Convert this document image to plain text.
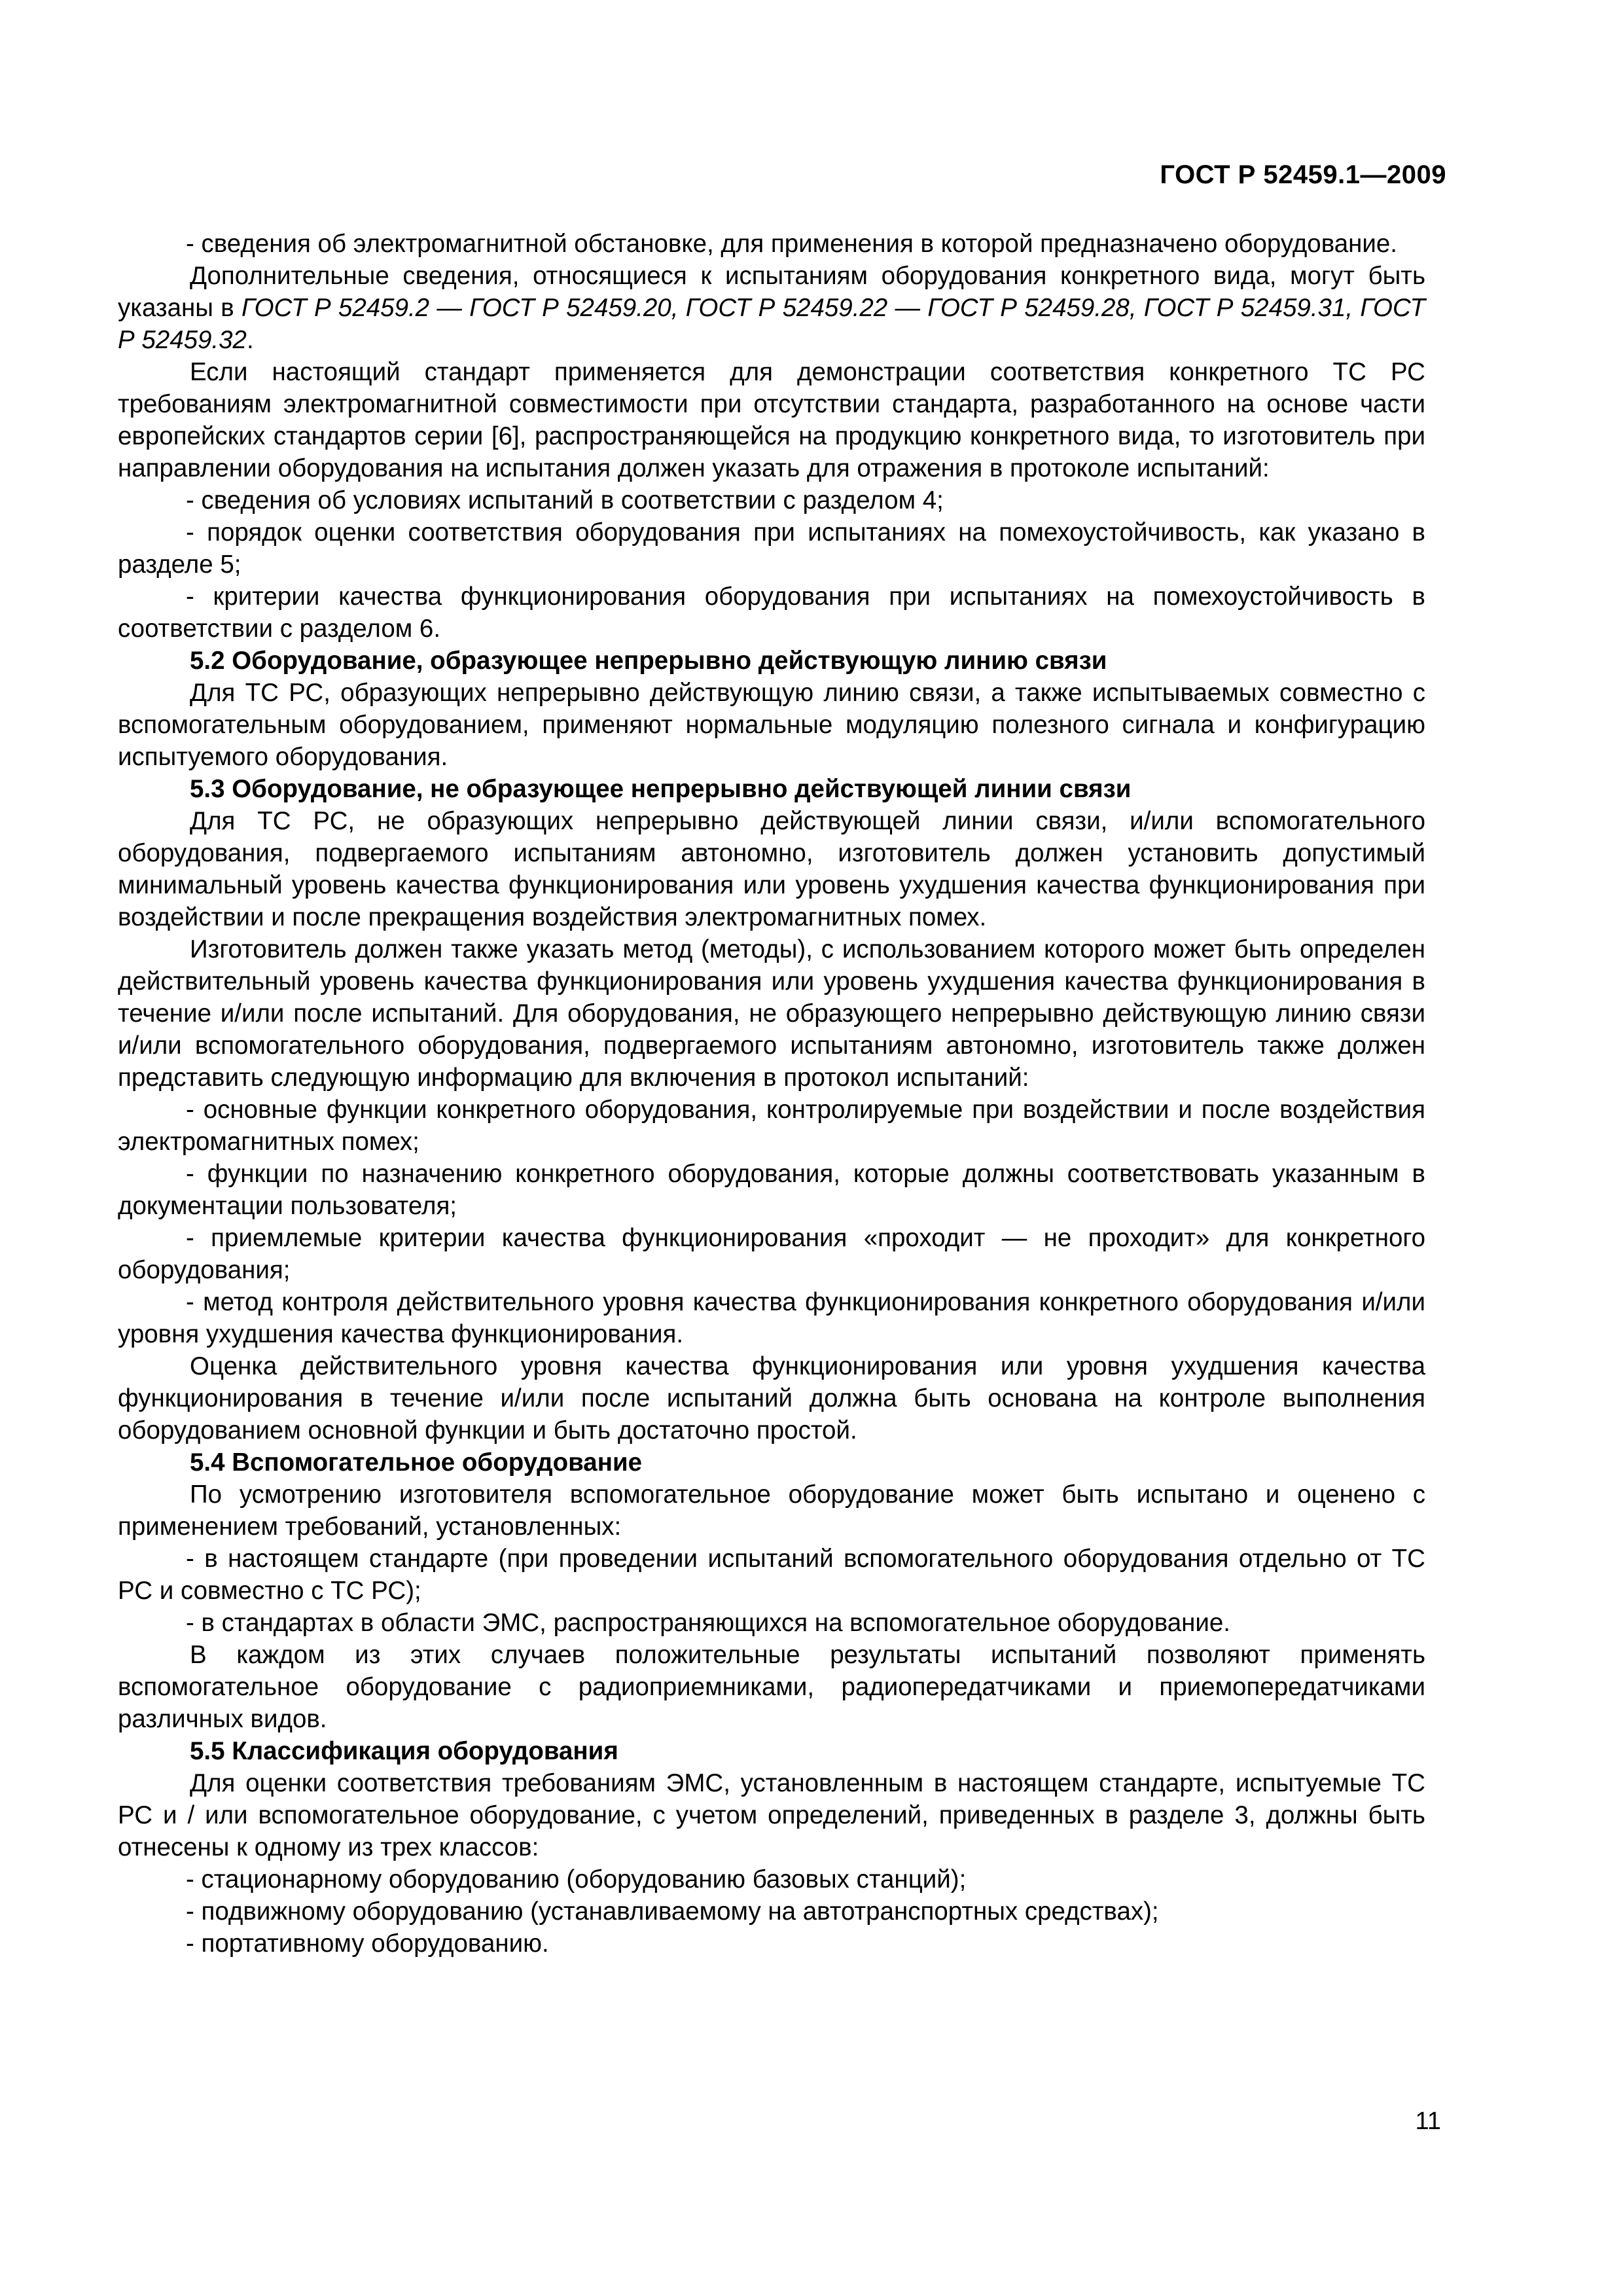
ГОСТ Р 52459.1—2009

- сведения об электромагнитной обстановке, для применения в которой предназначено оборудование.

Дополнительные сведения, относящиеся к испытаниям оборудования конкретного вида, могут быть указаны в ГОСТ Р 52459.2 — ГОСТ Р 52459.20, ГОСТ Р 52459.22 — ГОСТ Р 52459.28, ГОСТ Р 52459.31, ГОСТ Р 52459.32.

Если настоящий стандарт применяется для демонстрации соответствия конкретного ТС РС требованиям электромагнитной совместимости при отсутствии стандарта, разработанного на основе части европейских стандартов серии [6], распространяющейся на продукцию конкретного вида, то изготовитель при направлении оборудования на испытания должен указать для отражения в протоколе испытаний:

- сведения об условиях испытаний в соответствии с разделом 4;

- порядок оценки соответствия оборудования при испытаниях на помехоустойчивость, как указано в разделе 5;

- критерии качества функционирования оборудования при испытаниях на помехоустойчивость в соответствии с разделом 6.

5.2 Оборудование, образующее непрерывно действующую линию связи

Для ТС РС, образующих непрерывно действующую линию связи, а также испытываемых совместно с вспомогательным оборудованием, применяют нормальные модуляцию полезного сигнала и конфигурацию испытуемого оборудования.

5.3 Оборудование, не образующее непрерывно действующей линии связи

Для ТС РС, не образующих непрерывно действующей линии связи, и/или вспомогательного оборудования, подвергаемого испытаниям автономно, изготовитель должен установить допустимый минимальный уровень качества функционирования или уровень ухудшения качества функционирования при воздействии и после прекращения воздействия электромагнитных помех.

Изготовитель должен также указать метод (методы), с использованием которого может быть определен действительный уровень качества функционирования или уровень ухудшения качества функционирования в течение и/или после испытаний. Для оборудования, не образующего непрерывно действующую линию связи и/или вспомогательного оборудования, подвергаемого испытаниям автономно, изготовитель также должен представить следующую информацию для включения в протокол испытаний:

- основные функции конкретного оборудования, контролируемые при воздействии и после воздействия электромагнитных помех;

- функции по назначению конкретного оборудования, которые должны соответствовать указанным в документации пользователя;

- приемлемые критерии качества функционирования «проходит — не проходит» для конкретного оборудования;

- метод контроля действительного уровня качества функционирования конкретного оборудования и/или уровня ухудшения качества функционирования.

Оценка действительного уровня качества функционирования или уровня ухудшения качества функционирования в течение и/или после испытаний должна быть основана на контроле выполнения оборудованием основной функции и быть достаточно простой.

5.4 Вспомогательное оборудование

По усмотрению изготовителя вспомогательное оборудование может быть испытано и оценено с применением требований, установленных:

- в настоящем стандарте (при проведении испытаний вспомогательного оборудования отдельно от ТС РС и совместно с ТС РС);

- в стандартах в области ЭМС, распространяющихся на вспомогательное оборудование.

В каждом из этих случаев положительные результаты испытаний позволяют применять вспомогательное оборудование с радиоприемниками, радиопередатчиками и приемопередатчиками различных видов.

5.5 Классификация оборудования

Для оценки соответствия требованиям ЭМС, установленным в настоящем стандарте, испытуемые ТС РС и / или вспомогательное оборудование, с учетом определений, приведенных в разделе 3, должны быть отнесены к одному из трех классов:

- стационарному оборудованию (оборудованию базовых станций);

- подвижному оборудованию (устанавливаемому на автотранспортных средствах);

- портативному оборудованию.

11
